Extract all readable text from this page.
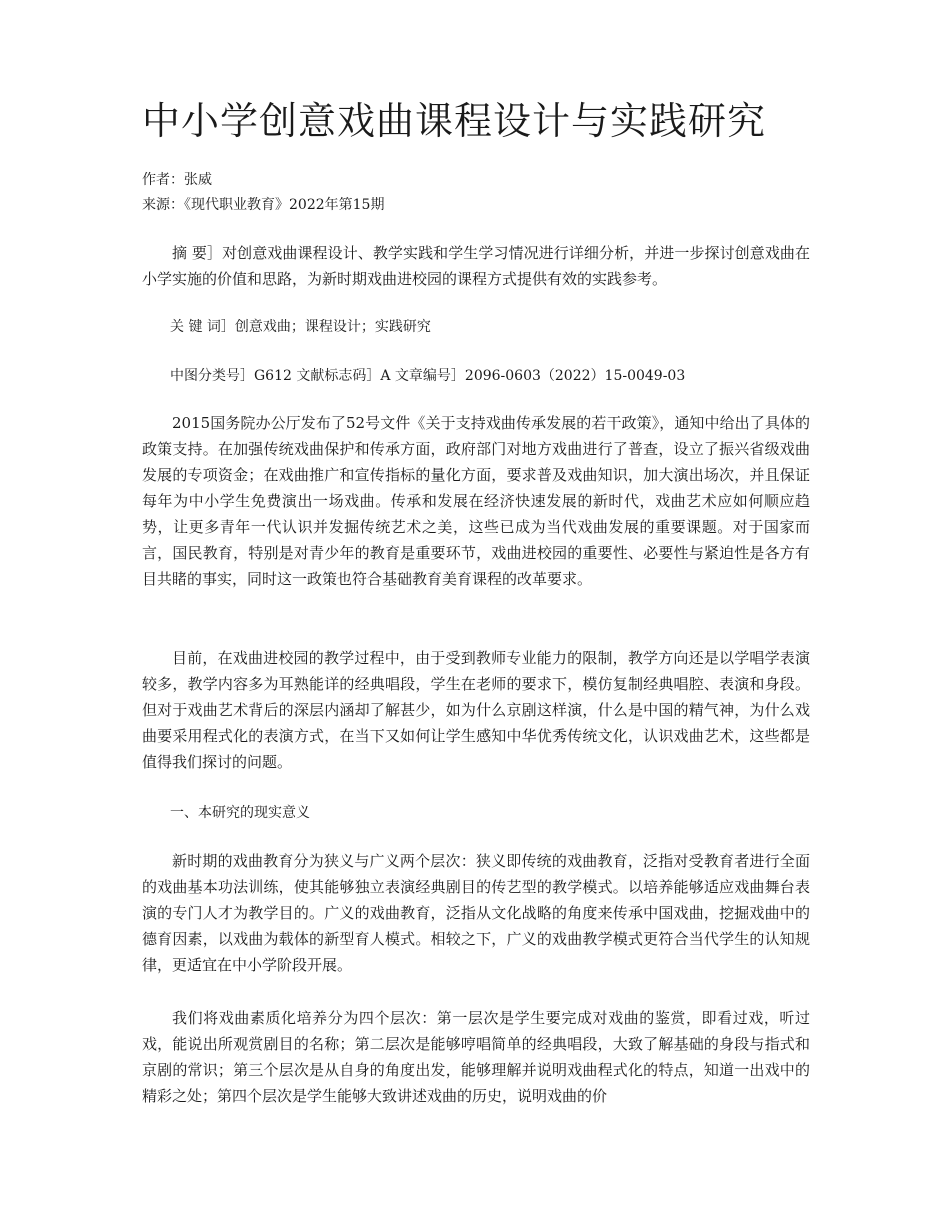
中小学创意戏曲课程设计与实践研究
作者：张威
来源：《现代职业教育》2022年第15期

摘 要］对创意戏曲课程设计、教学实践和学生学习情况进行详细分析，并进一步探讨创意戏曲在小学实施的价值和思路，为新时期戏曲进校园的课程方式提供有效的实践参考。

关 键 词］创意戏曲；课程设计；实践研究

中图分类号］G612 文献标志码］A 文章编号］2096-0603（2022）15-0049-03

2015国务院办公厅发布了52号文件《关于支持戏曲传承发展的若干政策》，通知中给出了具体的政策支持。在加强传统戏曲保护和传承方面，政府部门对地方戏曲进行了普查，设立了振兴省级戏曲发展的专项资金；在戏曲推广和宣传指标的量化方面，要求普及戏曲知识，加大演出场次，并且保证每年为中小学生免费演出一场戏曲。传承和发展在经济快速发展的新时代，戏曲艺术应如何顺应趋势，让更多青年一代认识并发掘传统艺术之美，这些已成为当代戏曲发展的重要课题。对于国家而言，国民教育，特别是对青少年的教育是重要环节，戏曲进校园的重要性、必要性与紧迫性是各方有目共睹的事实，同时这一政策也符合基础教育美育课程的改革要求。

目前，在戏曲进校园的教学过程中，由于受到教师专业能力的限制，教学方向还是以学唱学表演较多，教学内容多为耳熟能详的经典唱段，学生在老师的要求下，模仿复制经典唱腔、表演和身段。但对于戏曲艺术背后的深层内涵却了解甚少，如为什么京剧这样演，什么是中国的精气神，为什么戏曲要采用程式化的表演方式，在当下又如何让学生感知中华优秀传统文化，认识戏曲艺术，这些都是值得我们探讨的问题。

一、本研究的现实意义

新时期的戏曲教育分为狭义与广义两个层次：狭义即传统的戏曲教育，泛指对受教育者进行全面的戏曲基本功法训练，使其能够独立表演经典剧目的传艺型的教学模式。以培养能够适应戏曲舞台表演的专门人才为教学目的。广义的戏曲教育，泛指从文化战略的角度来传承中国戏曲，挖掘戏曲中的德育因素，以戏曲为载体的新型育人模式。相较之下，广义的戏曲教学模式更符合当代学生的认知规律，更适宜在中小学阶段开展。

我们将戏曲素质化培养分为四个层次：第一层次是学生要完成对戏曲的鉴赏，即看过戏，听过戏，能说出所观赏剧目的名称；第二层次是能够哼唱简单的经典唱段，大致了解基础的身段与指式和京剧的常识；第三个层次是从自身的角度出发，能够理解并说明戏曲程式化的特点，知道一出戏中的精彩之处；第四个层次是学生能够大致讲述戏曲的历史，说明戏曲的价
